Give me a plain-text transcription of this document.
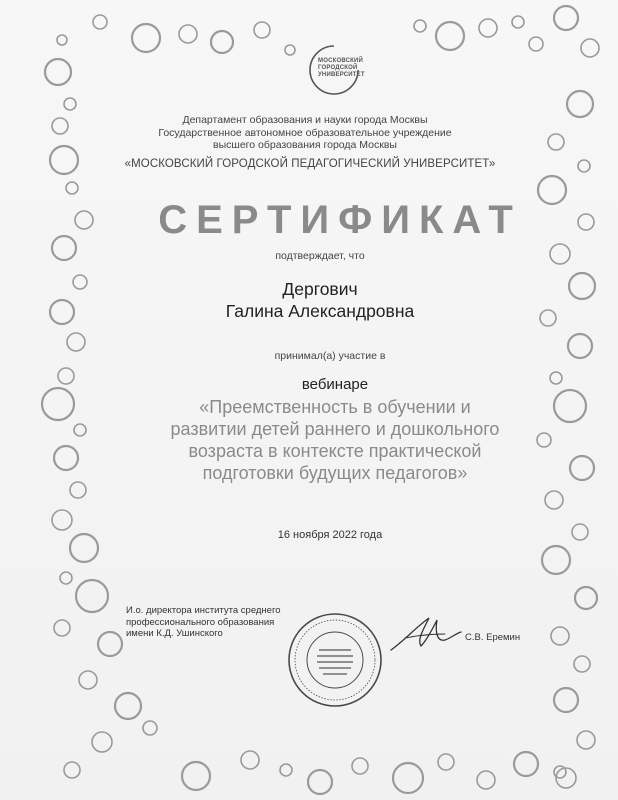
МОСКОВСКИЙ
ГОРОДСКОЙ
УНИВЕРСИТЕТ
Департамент образования и науки города Москвы
Государственное автономное образовательное учреждение
высшего образования города Москвы
«МОСКОВСКИЙ ГОРОДСКОЙ ПЕДАГОГИЧЕСКИЙ УНИВЕРСИТЕТ»
СЕРТИФИКАТ
подтверждает, что
Дергович
Галина Александровна
принимал(а) участие в
вебинаре
«Преемственность в обучении и
развитии детей раннего и дошкольного
возраста в контексте практической
подготовки будущих педагогов»
16 ноября 2022 года
И.о. директора института среднего
профессионального образования
имени К.Д. Ушинского	С.В. Еремин
